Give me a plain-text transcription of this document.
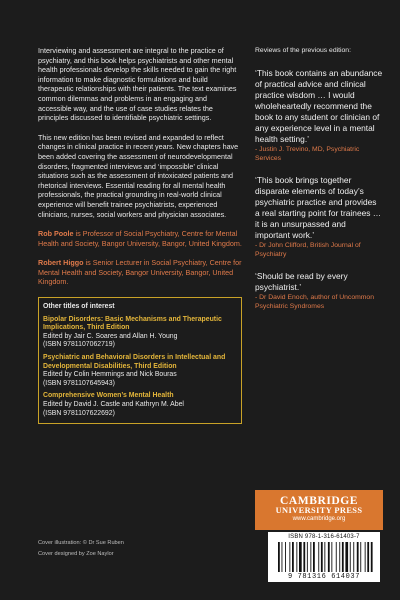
Interviewing and assessment are integral to the practice of psychiatry, and this book helps psychiatrists and other mental health professionals develop the skills needed to gain the right information to make diagnostic formulations and build therapeutic relationships with their patients. The text examines common dilemmas and problems in an engaging and accessible way, and the use of case studies relates the principles discussed to identifiable psychiatric settings.

This new edition has been revised and expanded to reflect changes in clinical practice in recent years. New chapters have been added covering the assessment of neurodevelopmental disorders, fragmented interviews and ‘impossible’ clinical situations such as the assessment of intoxicated patients and rhetorical interviews. Essential reading for all mental health professionals, the practical grounding in real-world clinical experience will benefit trainee psychiatrists, experienced clinicians, nurses, social workers and physician associates.

Rob Poole is Professor of Social Psychiatry, Centre for Mental Health and Society, Bangor University, Bangor, United Kingdom.
Robert Higgo is Senior Lecturer in Social Psychiatry, Centre for Mental Health and Society, Bangor University, Bangor, United Kingdom.
Other titles of interest
Bipolar Disorders: Basic Mechanisms and Therapeutic Implications, Third Edition
Edited by Jair C. Soares and Allan H. Young
(ISBN 9781107062719)
Psychiatric and Behavioral Disorders in Intellectual and Developmental Disabilities, Third Edition
Edited by Colin Hemmings and Nick Bouras
(ISBN 9781107645943)
Comprehensive Women’s Mental Health
Edited by David J. Castle and Kathryn M. Abel
(ISBN 9781107622692)
Cover illustration: © Dr Sue Ruben
Cover designed by Zoe Naylor
Reviews of the previous edition:
‘This book contains an abundance of practical advice and clinical practice wisdom … I would wholeheartedly recommend the book to any student or clinician of any experience level in a mental health setting.’
- Justin J. Trevino, MD, Psychiatric Services
‘This book brings together disparate elements of today’s psychiatric practice and provides a real starting point for trainees … it is an unsurpassed and important work.’
- Dr John Clifford, British Journal of Psychiatry
‘Should be read by every psychiatrist.’
- Dr David Enoch, author of Uncommon Psychiatric Syndromes
CAMBRIDGE
UNIVERSITY PRESS
www.cambridge.org
ISBN 978-1-316-61403-7
9 781316 614037
